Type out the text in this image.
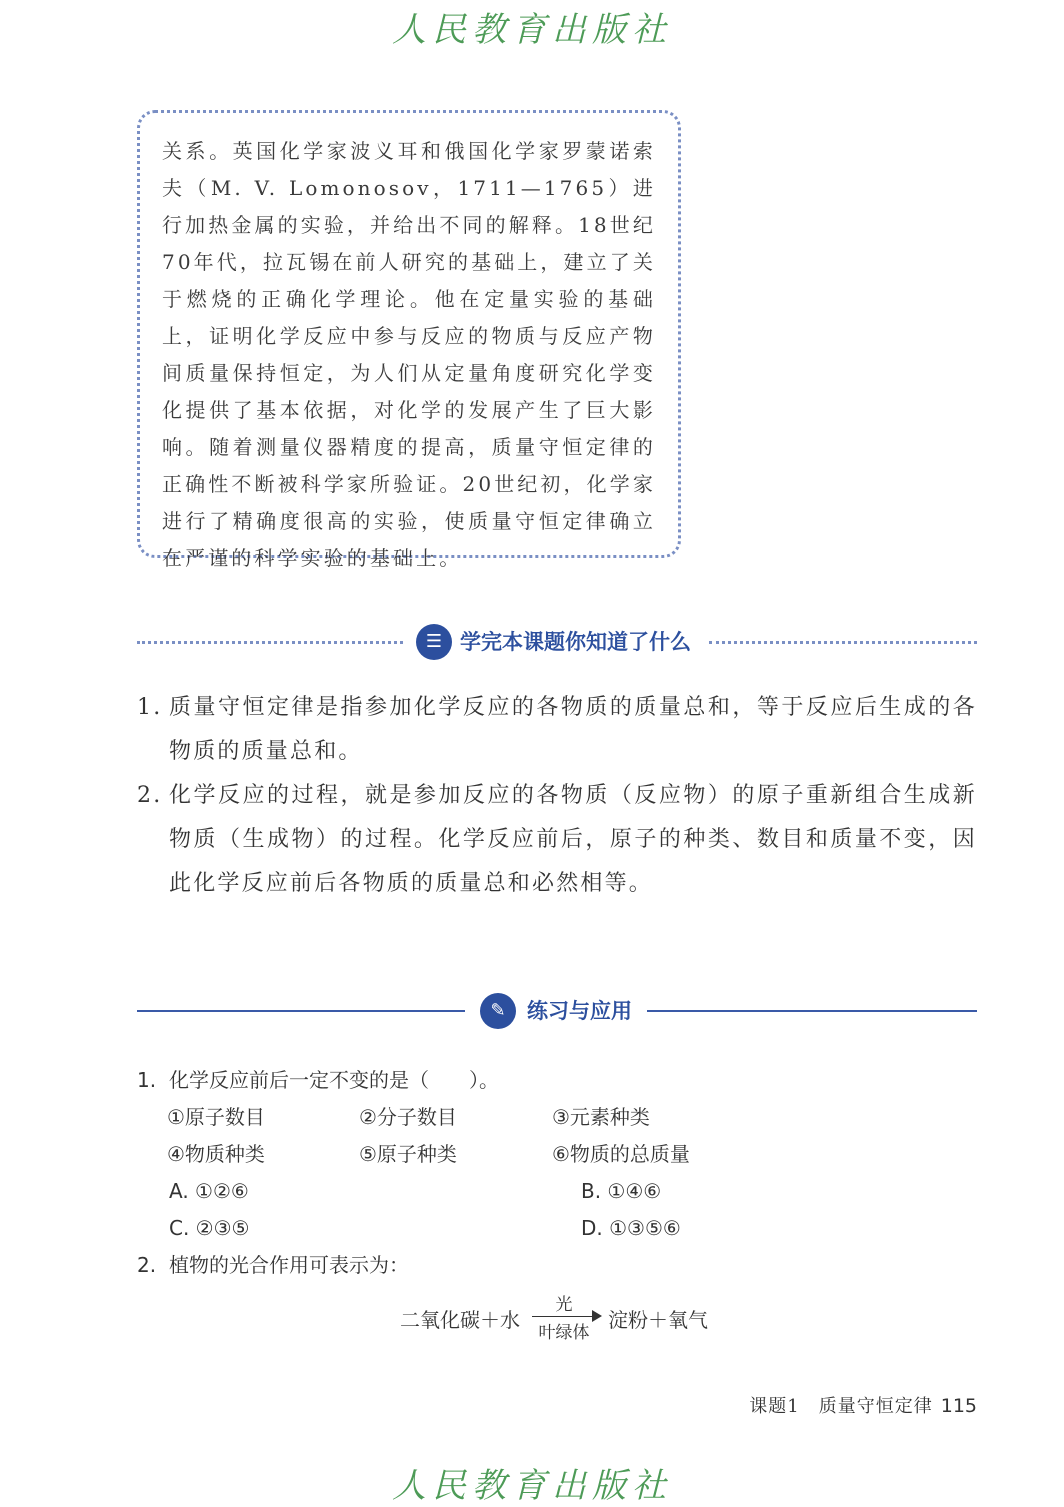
人民教育出版社

关系。英国化学家波义耳和俄国化学家罗蒙诺索夫（M. V. Lomonosov，1711—1765）进行加热金属的实验，并给出不同的解释。18世纪70年代，拉瓦锡在前人研究的基础上，建立了关于燃烧的正确化学理论。他在定量实验的基础上，证明化学反应中参与反应的物质与反应产物间质量保持恒定，为人们从定量角度研究化学变化提供了基本依据，对化学的发展产生了巨大影响。随着测量仪器精度的提高，质量守恒定律的正确性不断被科学家所验证。20世纪初，化学家进行了精确度很高的实验，使质量守恒定律确立在严谨的科学实验的基础上。

☰ 学完本课题你知道了什么
1. 质量守恒定律是指参加化学反应的各物质的质量总和，等于反应后生成的各物质的质量总和。
2. 化学反应的过程，就是参加反应的各物质（反应物）的原子重新组合生成新物质（生成物）的过程。化学反应前后，原子的种类、数目和质量不变，因此化学反应前后各物质的质量总和必然相等。
✎	练习与应用
1. 化学反应前后一定不变的是（　　）。
①原子数目	②分子数目	③元素种类
④物质种类	⑤原子种类	⑥物质的总质量
A. ①②⑥	B. ①④⑥
C. ②③⑤	D. ①③⑤⑥
2. 植物的光合作用可表示为：
二氧化碳＋水
光
叶绿体
淀粉＋氧气
课题1　质量守恒定律 115
人民教育出版社
